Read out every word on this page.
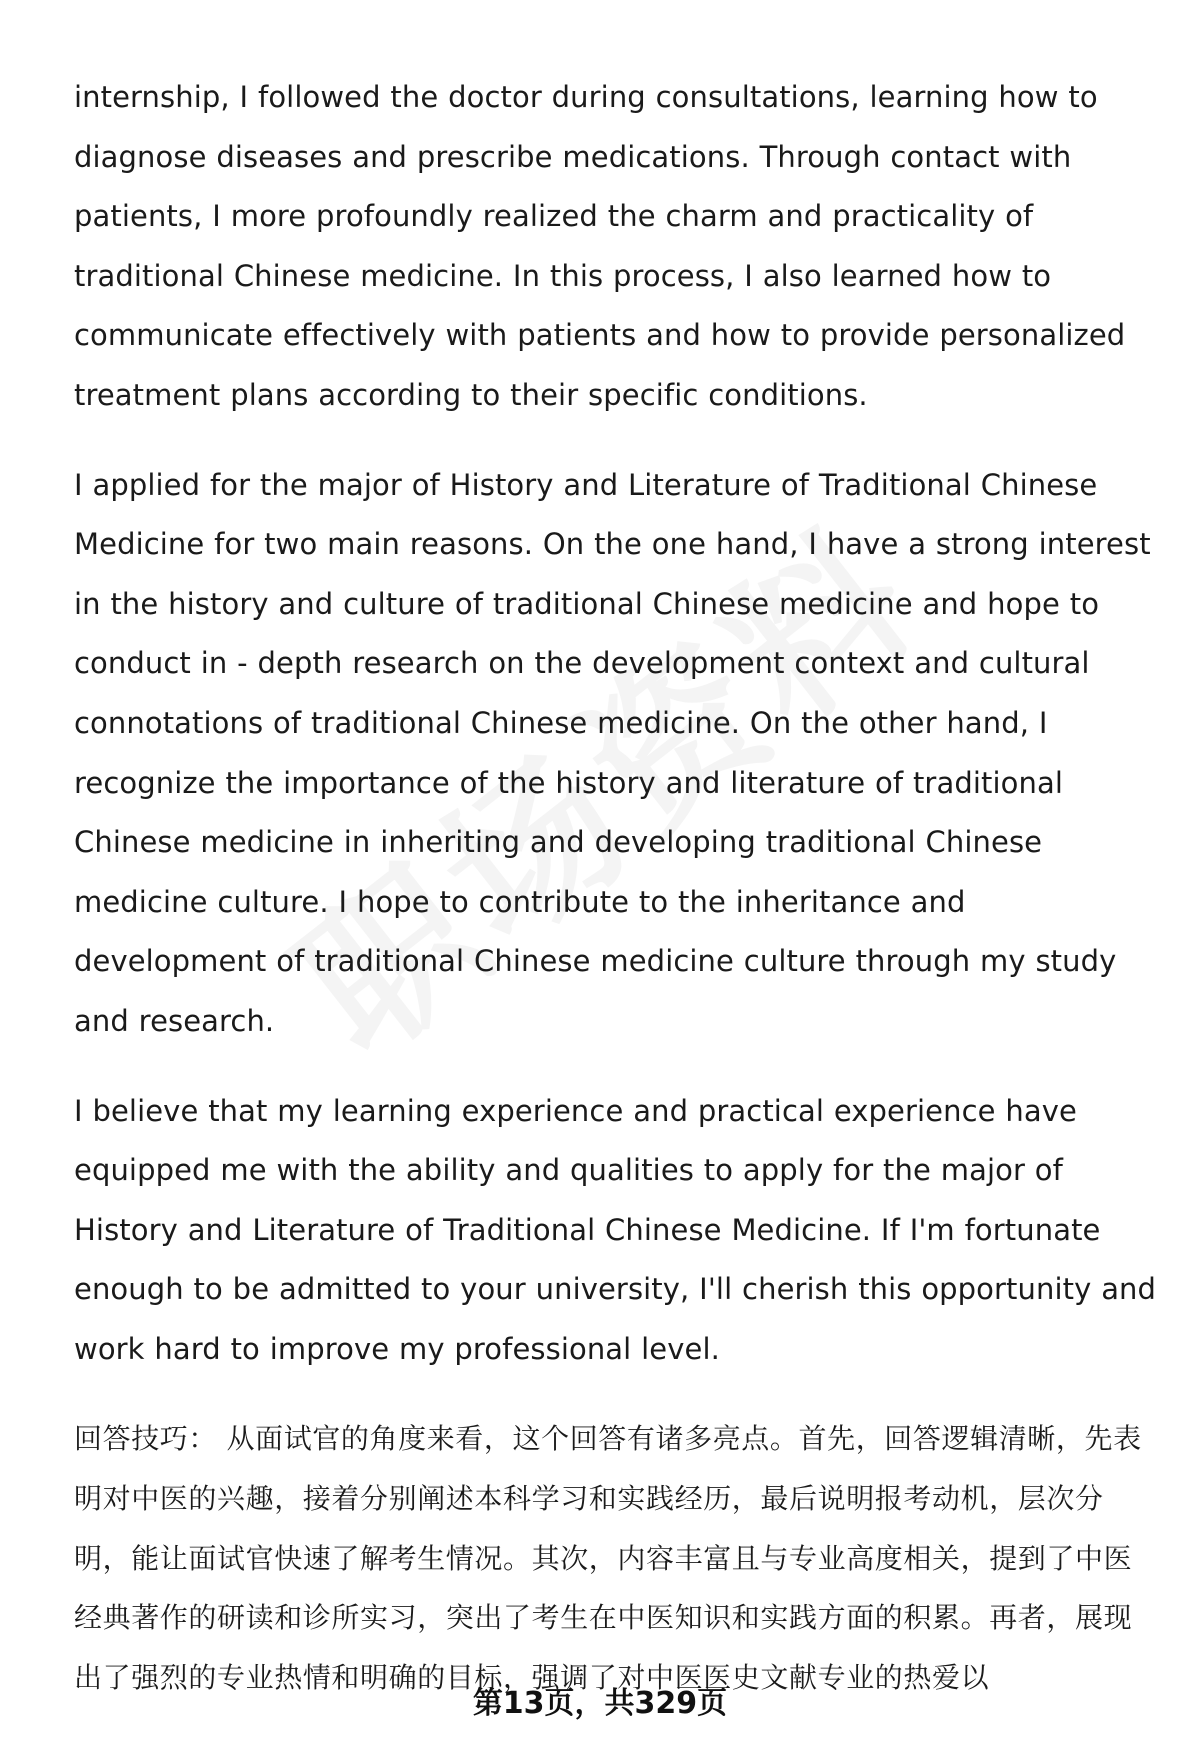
internship, I followed the doctor during consultations, learning how to diagnose diseases and prescribe medications. Through contact with patients, I more profoundly realized the charm and practicality of traditional Chinese medicine. In this process, I also learned how to communicate effectively with patients and how to provide personalized treatment plans according to their specific conditions.

I applied for the major of History and Literature of Traditional Chinese Medicine for two main reasons. On the one hand, I have a strong interest in the history and culture of traditional Chinese medicine and hope to conduct in - depth research on the development context and cultural connotations of traditional Chinese medicine. On the other hand, I recognize the importance of the history and literature of traditional Chinese medicine in inheriting and developing traditional Chinese medicine culture. I hope to contribute to the inheritance and development of traditional Chinese medicine culture through my study and research.

I believe that my learning experience and practical experience have equipped me with the ability and qualities to apply for the major of History and Literature of Traditional Chinese Medicine. If I'm fortunate enough to be admitted to your university, I'll cherish this opportunity and work hard to improve my professional level.

回答技巧： 从面试官的角度来看，这个回答有诸多亮点。首先，回答逻辑清晰，先表明对中医的兴趣，接着分别阐述本科学习和实践经历，最后说明报考动机，层次分明，能让面试官快速了解考生情况。其次，内容丰富且与专业高度相关，提到了中医经典著作的研读和诊所实习，突出了考生在中医知识和实践方面的积累。再者，展现出了强烈的专业热情和明确的目标，强调了对中医医史文献专业的热爱以

第13页，共329页
